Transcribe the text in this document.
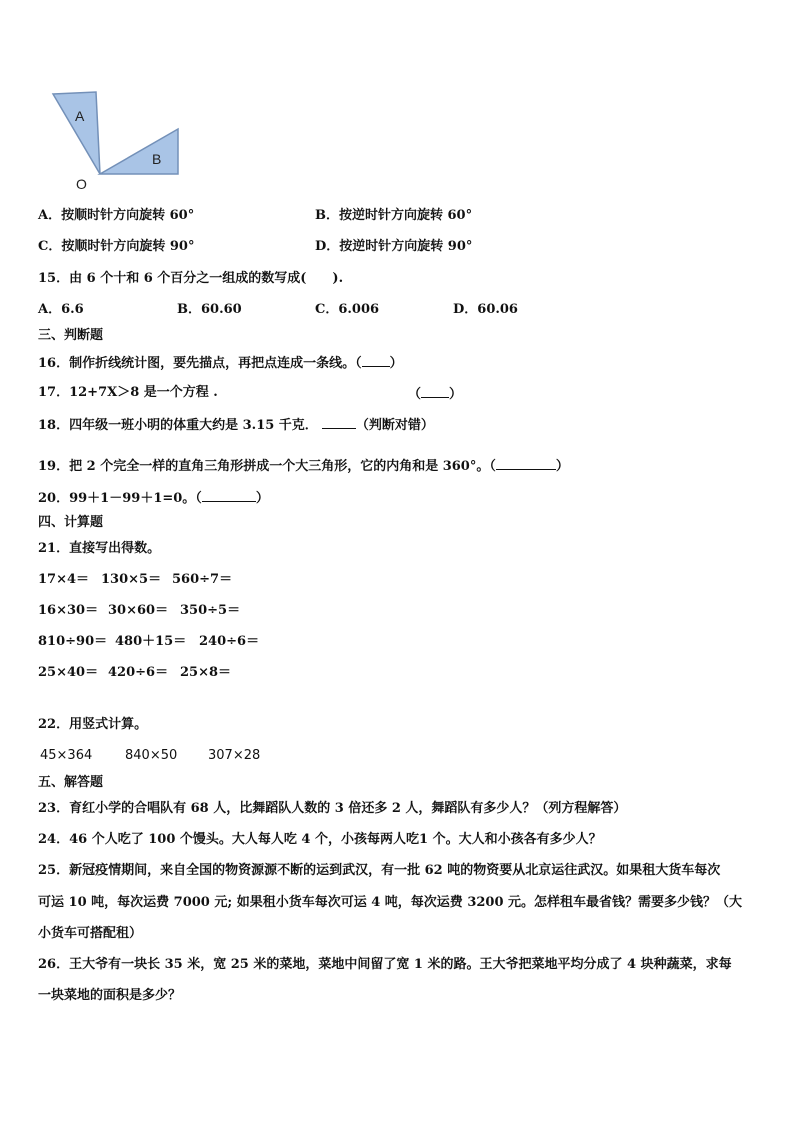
A
B
O
A．按顺时针方向旋转 60°	B．按逆时针方向旋转 60°
C．按顺时针方向旋转 90°	D．按逆时针方向旋转 90°
15．由 6 个十和 6 个百分之一组成的数写成(　　).
A．6.6	B．60.60	C．6.006	D．60.06
三、判断题
16．制作折线统计图，要先描点，再把点连成一条线。（ ）
17．12+7X＞8 是一个方程 .	（ ）
18．四年级一班小明的体重大约是 3.15 千克．	（判断对错）
19．把 2 个完全一样的直角三角形拼成一个大三角形，它的内角和是 360°。（	）
20．99＋1－99＋1=0。（	）
四、计算题
21．直接写出得数。
17×4＝ 130×5＝ 560÷7＝
16×30＝ 30×60＝ 350÷5＝
810÷90＝ 480＋15＝ 240÷6＝
25×40＝ 420÷6＝ 25×8＝
22．用竖式计算。
45×364	840×50 307×28
五、解答题
23．育红小学的合唱队有 68 人，比舞蹈队人数的 3 倍还多 2 人，舞蹈队有多少人？（列方程解答）
24．46 个人吃了 100 个馒头。大人每人吃 4 个，小孩每两人吃1 个。大人和小孩各有多少人？
25．新冠疫情期间，来自全国的物资源源不断的运到武汉，有一批 62 吨的物资要从北京运往武汉。如果租大货车每次
可运 10 吨，每次运费 7000 元; 如果租小货车每次可运 4 吨，每次运费 3200 元。怎样租车最省钱？需要多少钱？（大
小货车可搭配租）
26．王大爷有一块长 35 米，宽 25 米的菜地，菜地中间留了宽 1 米的路。王大爷把菜地平均分成了 4 块种蔬菜，求每
一块菜地的面积是多少？
